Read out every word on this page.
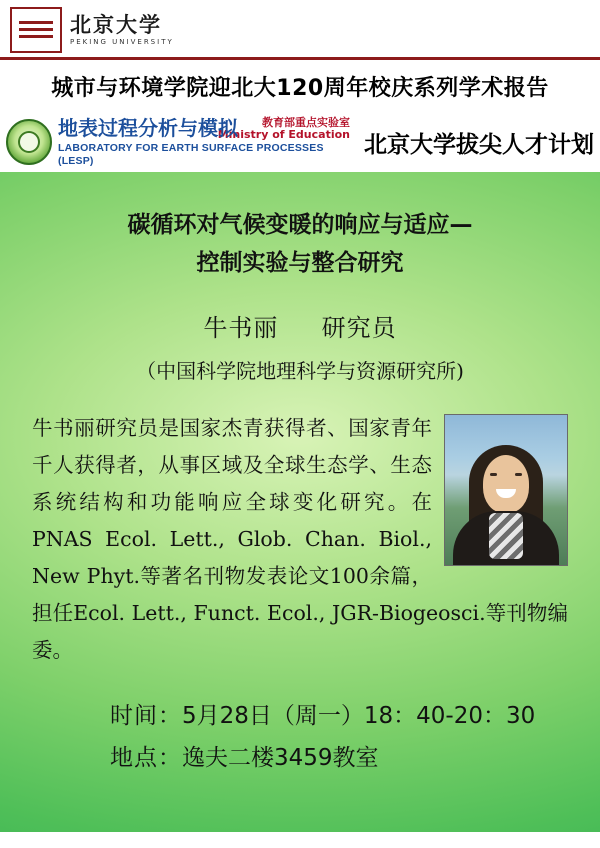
北京大学
PEKING UNIVERSITY
城市与环境学院迎北大120周年校庆系列学术报告
地表过程分析与模拟	教育部重点实验室
Ministry of Education
LABORATORY FOR EARTH SURFACE PROCESSES (LESP)
北京大学拔尖人才计划
碳循环对气候变暖的响应与适应—
控制实验与整合研究
牛书丽 研究员
（中国科学院地理科学与资源研究所)
牛书丽研究员是国家杰青获得者、国家青年千人获得者，从事区域及全球生态学、生态系统结构和功能响应全球变化研究。在PNAS Ecol. Lett., Glob. Chan. Biol., New Phyt.等著名刊物发表论文100余篇，担任Ecol. Lett., Funct. Ecol., JGR-Biogeosci.等刊物编委。
时间：5月28日（周一）18：40-20：30
地点：逸夫二楼3459教室
